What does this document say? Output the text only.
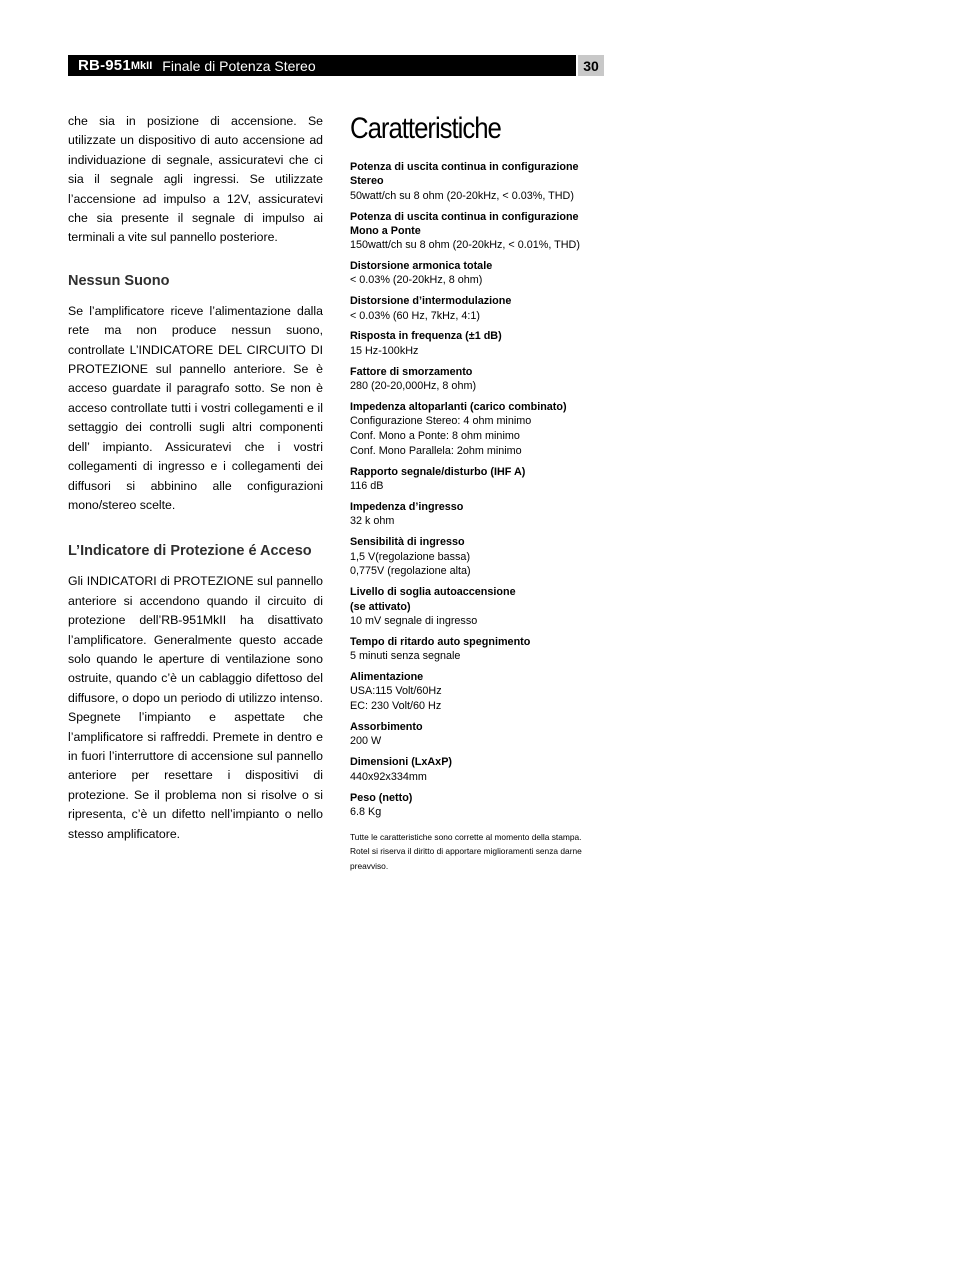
RB-951 MkII Finale di Potenza Stereo	30

che sia in posizione di accensione. Se utilizzate un dispositivo di auto accensione ad individuazione di segnale, assicuratevi che ci sia il segnale agli ingressi. Se utilizzate l’accensione ad impulso a 12V, assicuratevi che sia presente il segnale di impulso ai terminali a vite sul pannello posteriore.

Nessun Suono

Se l’amplificatore riceve l’alimentazione dalla rete ma non produce nessun suono, controllate L’INDICATORE DEL CIRCUITO DI PROTEZIONE sul pannello anteriore. Se è acceso guardate il paragrafo sotto. Se non è acceso controllate tutti i vostri collegamenti e il settaggio dei controlli sugli altri componenti dell’ impianto. Assicuratevi che i vostri collegamenti di ingresso e i collegamenti dei diffusori si abbinino alle configurazioni mono/stereo scelte.

L’Indicatore di Protezione é Acceso

Gli INDICATORI di PROTEZIONE sul pannello anteriore si accendono quando il circuito di protezione dell’RB-951MkII ha disattivato l’amplificatore. Generalmente questo accade solo quando le aperture di ventilazione sono ostruite, quando c’è un cablaggio difettoso del diffusore, o dopo un periodo di utilizzo intenso. Spegnete l’impianto e aspettate che l’amplificatore si raffreddi. Premete in dentro e in fuori l’interruttore di accensione sul pannello anteriore per resettare i dispositivi di protezione. Se il problema non si risolve o si ripresenta, c’è un difetto nell’impianto o nello stesso amplificatore.

Caratteristiche
Potenza di uscita continua in configurazione Stereo
50watt/ch su 8 ohm (20-20kHz, < 0.03%, THD)
Potenza di uscita continua in configurazione Mono a Ponte
150watt/ch su 8 ohm (20-20kHz, < 0.01%, THD)
Distorsione armonica totale
< 0.03% (20-20kHz, 8 ohm)
Distorsione d’intermodulazione
< 0.03% (60 Hz, 7kHz, 4:1)
Risposta in frequenza (±1 dB)
15 Hz-100kHz
Fattore di smorzamento
280 (20-20,000Hz, 8 ohm)
Impedenza altoparlanti (carico combinato)
Configurazione Stereo: 4 ohm minimo
Conf. Mono a Ponte: 8 ohm minimo
Conf. Mono Parallela: 2ohm minimo
Rapporto segnale/disturbo (IHF A)
116 dB
Impedenza d’ingresso
32 k ohm
Sensibilità di ingresso
1,5 V(regolazione bassa)
0,775V (regolazione alta)
Livello di soglia autoaccensione
(se attivato)
10 mV segnale di ingresso
Tempo di ritardo auto spegnimento
5 minuti senza segnale
Alimentazione
USA:115 Volt/60Hz
EC: 230 Volt/60 Hz
Assorbimento
200 W
Dimensioni (LxAxP)
440x92x334mm
Peso (netto)
6.8 Kg
Tutte le caratteristiche sono corrette al momento della stampa. Rotel si riserva il diritto di apportare miglioramenti senza darne preavviso.
